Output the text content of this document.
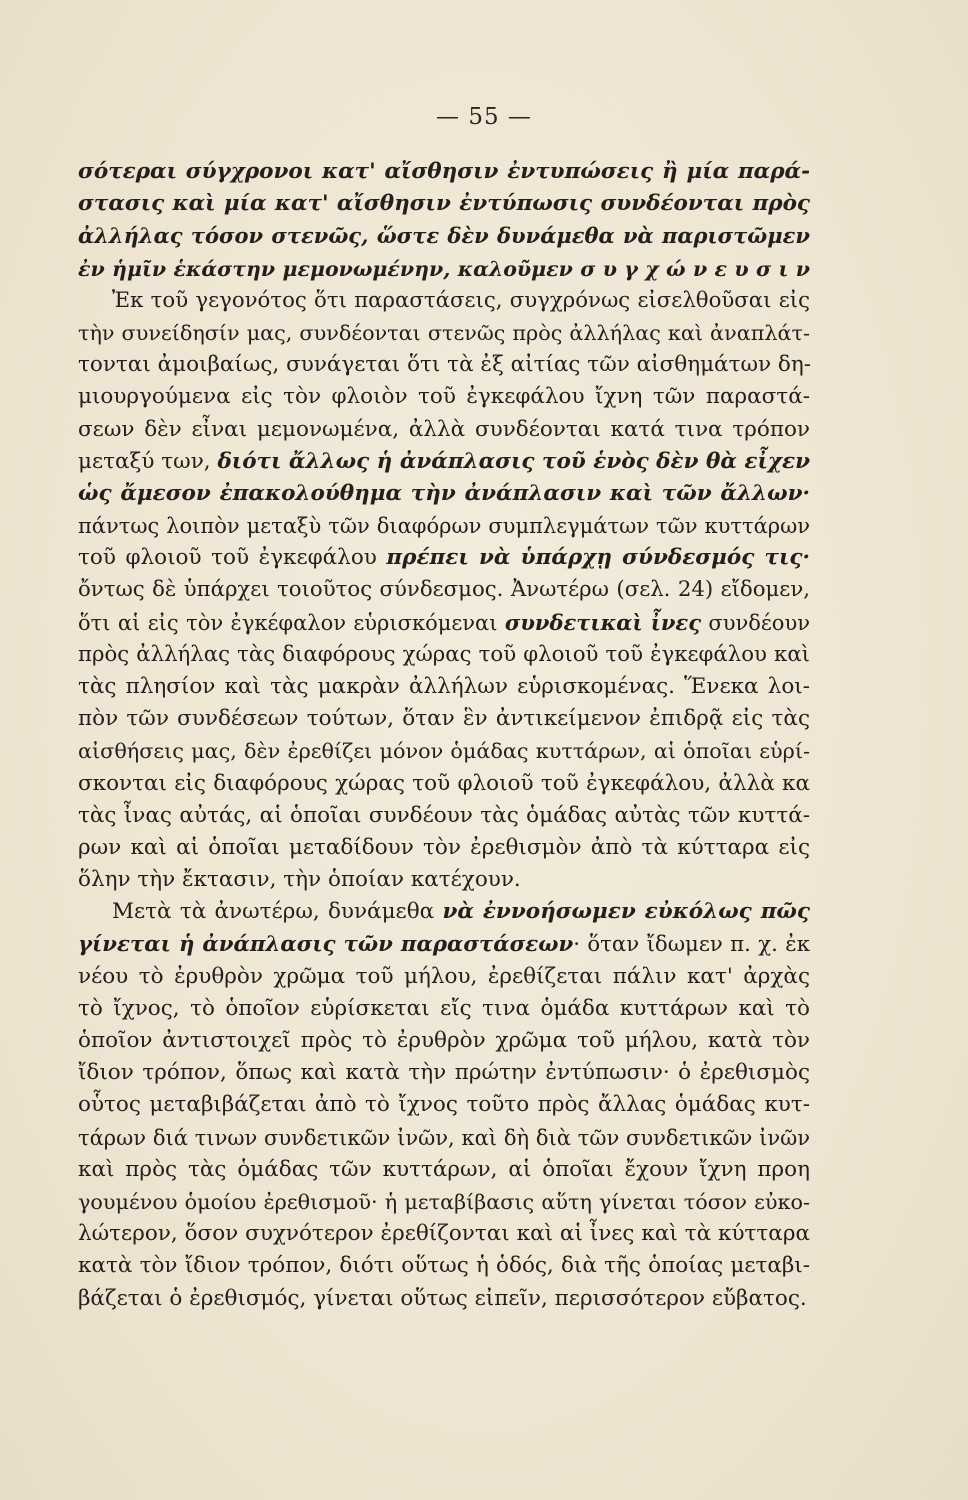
— 55 —
σότεραι σύγχρονοι κατ' αἴσθησιν ἐντυπώσεις ἢ μία παρά-
στασις καὶ μία κατ' αἴσθησιν ἐντύπωσις συνδέονται πρὸς
ἀλλήλας τόσον στενῶς, ὥστε δὲν δυνάμεθα νὰ παριστῶμεν
ἐν ἡμῖν ἑκάστην μεμονωμένην, καλοῦμεν σ υ γ χ ώ ν ε υ σ ι ν
Ἐκ τοῦ γεγονότος ὅτι παραστάσεις, συγχρόνως εἰσελθοῦσαι εἰς
τὴν συνείδησίν μας, συνδέονται στενῶς πρὸς ἀλλήλας καὶ ἀναπλάτ-
τονται ἀμοιβαίως, συνάγεται ὅτι τὰ ἐξ αἰτίας τῶν αἰσθημάτων δη-
μιουργούμενα εἰς τὸν φλοιὸν τοῦ ἐγκεφάλου ἴχνη τῶν παραστά-
σεων δὲν εἶναι μεμονωμένα, ἀλλὰ συνδέονται κατά τινα τρόπον
μεταξύ των, διότι ἄλλως ἡ ἀνάπλασις τοῦ ἑνὸς δὲν θὰ εἶχεν
ὡς ἄμεσον ἐπακολούθημα τὴν ἀνάπλασιν καὶ τῶν ἄλλων·
πάντως λοιπὸν μεταξὺ τῶν διαφόρων συμπλεγμάτων τῶν κυττάρων
τοῦ φλοιοῦ τοῦ ἐγκεφάλου πρέπει νὰ ὑπάρχῃ σύνδεσμός τις·
ὄντως δὲ ὑπάρχει τοιοῦτος σύνδεσμος. Ἀνωτέρω (σελ. 24) εἴδομεν,
ὅτι αἱ εἰς τὸν ἐγκέφαλον εὑρισκόμεναι συνδετικαὶ ἶνες συνδέουν
πρὸς ἀλλήλας τὰς διαφόρους χώρας τοῦ φλοιοῦ τοῦ ἐγκεφάλου καὶ
τὰς πλησίον καὶ τὰς μακρὰν ἀλλήλων εὑρισκομένας. Ἕνεκα λοι-
πὸν τῶν συνδέσεων τούτων, ὅταν ἓν ἀντικείμενον ἐπιδρᾷ εἰς τὰς
αἰσθήσεις μας, δὲν ἐρεθίζει μόνον ὁμάδας κυττάρων, αἱ ὁποῖαι εὑρί-
σκονται εἰς διαφόρους χώρας τοῦ φλοιοῦ τοῦ ἐγκεφάλου, ἀλλὰ κα
τὰς ἶνας αὐτάς, αἱ ὁποῖαι συνδέουν τὰς ὁμάδας αὐτὰς τῶν κυττά-
ρων καὶ αἱ ὁποῖαι μεταδίδουν τὸν ἐρεθισμὸν ἀπὸ τὰ κύτταρα εἰς
ὅλην τὴν ἔκτασιν, τὴν ὁποίαν κατέχουν.
Μετὰ τὰ ἀνωτέρω, δυνάμεθα νὰ ἐννοήσωμεν εὐκόλως πῶς
γίνεται ἡ ἀνάπλασις τῶν παραστάσεων· ὅταν ἴδωμεν π. χ. ἐκ
νέου τὸ ἐρυθρὸν χρῶμα τοῦ μήλου, ἐρεθίζεται πάλιν κατ' ἀρχὰς
τὸ ἴχνος, τὸ ὁποῖον εὑρίσκεται εἴς τινα ὁμάδα κυττάρων καὶ τὸ
ὁποῖον ἀντιστοιχεῖ πρὸς τὸ ἐρυθρὸν χρῶμα τοῦ μήλου, κατὰ τὸν
ἴδιον τρόπον, ὅπως καὶ κατὰ τὴν πρώτην ἐντύπωσιν· ὁ ἐρεθισμὸς
οὗτος μεταβιβάζεται ἀπὸ τὸ ἴχνος τοῦτο πρὸς ἄλλας ὁμάδας κυτ-
τάρων διά τινων συνδετικῶν ἰνῶν, καὶ δὴ διὰ τῶν συνδετικῶν ἰνῶν
καὶ πρὸς τὰς ὁμάδας τῶν κυττάρων, αἱ ὁποῖαι ἔχουν ἴχνη προη
γουμένου ὁμοίου ἐρεθισμοῦ· ἡ μεταβίβασις αὕτη γίνεται τόσον εὐκο-
λώτερον, ὅσον συχνότερον ἐρεθίζονται καὶ αἱ ἶνες καὶ τὰ κύτταρα
κατὰ τὸν ἴδιον τρόπον, διότι οὕτως ἡ ὁδός, διὰ τῆς ὁποίας μεταβι-
βάζεται ὁ ἐρεθισμός, γίνεται οὕτως εἰπεῖν, περισσότερον εὔβατος.
